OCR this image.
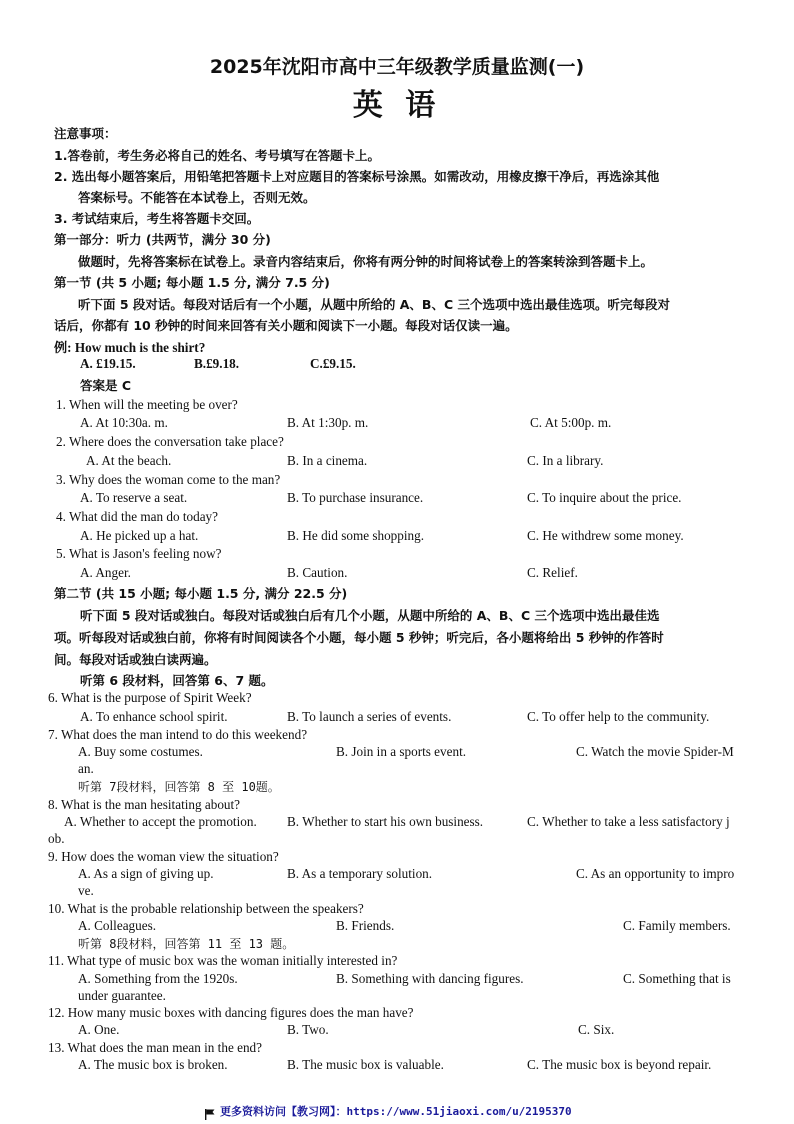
2025年沈阳市高中三年级教学质量监测(一)
英 语
注意事项：
1.答卷前，考生务必将自己的姓名、考号填写在答题卡上。
2. 选出每小题答案后，用铅笔把答题卡上对应题目的答案标号涂黑。如需改动，用橡皮擦干净后，再选涂其他
答案标号。不能答在本试卷上，否则无效。
3. 考试结束后，考生将答题卡交回。
第一部分：听力 (共两节，满分 30 分)
做题时，先将答案标在试卷上。录音内容结束后，你将有两分钟的时间将试卷上的答案转涂到答题卡上。
第一节 (共 5 小题; 每小题 1.5 分, 满分 7.5 分)
听下面 5 段对话。每段对话后有一个小题，从题中所给的 A、B、C 三个选项中选出最佳选项。听完每段对
话后，你都有 10 秒钟的时间来回答有关小题和阅读下一小题。每段对话仅读一遍。
例: How much is the shirt?
A. £19.15.	B.£9.18.	C.£9.15.
答案是 C
1. When will the meeting be over?
A. At 10:30a. m.	B. At 1:30p. m.	C. At 5:00p. m.
2. Where does the conversation take place?
A. At the beach.	B. In a cinema.	C. In a library.
3. Why does the woman come to the man?
A. To reserve a seat.	B. To purchase insurance.	C. To inquire about the price.
4. What did the man do today?
A. He picked up a hat.	B. He did some shopping.	C. He withdrew some money.
5. What is Jason's feeling now?
A. Anger.	B. Caution.	C. Relief.
第二节 (共 15 小题; 每小题 1.5 分, 满分 22.5 分)
听下面 5 段对话或独白。每段对话或独白后有几个小题，从题中所给的 A、B、C 三个选项中选出最佳选
项。听每段对话或独白前，你将有时间阅读各个小题，每小题 5 秒钟；听完后，各小题将给出 5 秒钟的作答时
间。每段对话或独白读两遍。
听第 6 段材料，回答第 6、7 题。
6. What is the purpose of Spirit Week?
A. To enhance school spirit.	B. To launch a series of events.	C. To offer help to the community.
7. What does the man intend to do this weekend?
A. Buy some costumes.	B. Join in a sports event.	C. Watch the movie Spider-M
an.
听第 7段材料，回答第 8 至 10题。
8. What is the man hesitating about?
A. Whether to accept the promotion. B. Whether to start his own business.	C. Whether to take a less satisfactory j
ob.
9. How does the woman view the situation?
A. As a sign of giving up.	B. As a temporary solution.	C. As an opportunity to impro
ve.
10. What is the probable relationship between the speakers?
A. Colleagues.	B. Friends.	C. Family members.
听第 8段材料，回答第 11 至 13 题。
11. What type of music box was the woman initially interested in?
A. Something from the 1920s.	B. Something with dancing figures.	C. Something that is
under guarantee.
12. How many music boxes with dancing figures does the man have?
A. One.	B. Two.	C. Six.
13. What does the man mean in the end?
A. The music box is broken.	B. The music box is valuable.	C. The music box is beyond repair.
更多资料访问【教习网】：https://www.51jiaoxi.com/u/2195370
